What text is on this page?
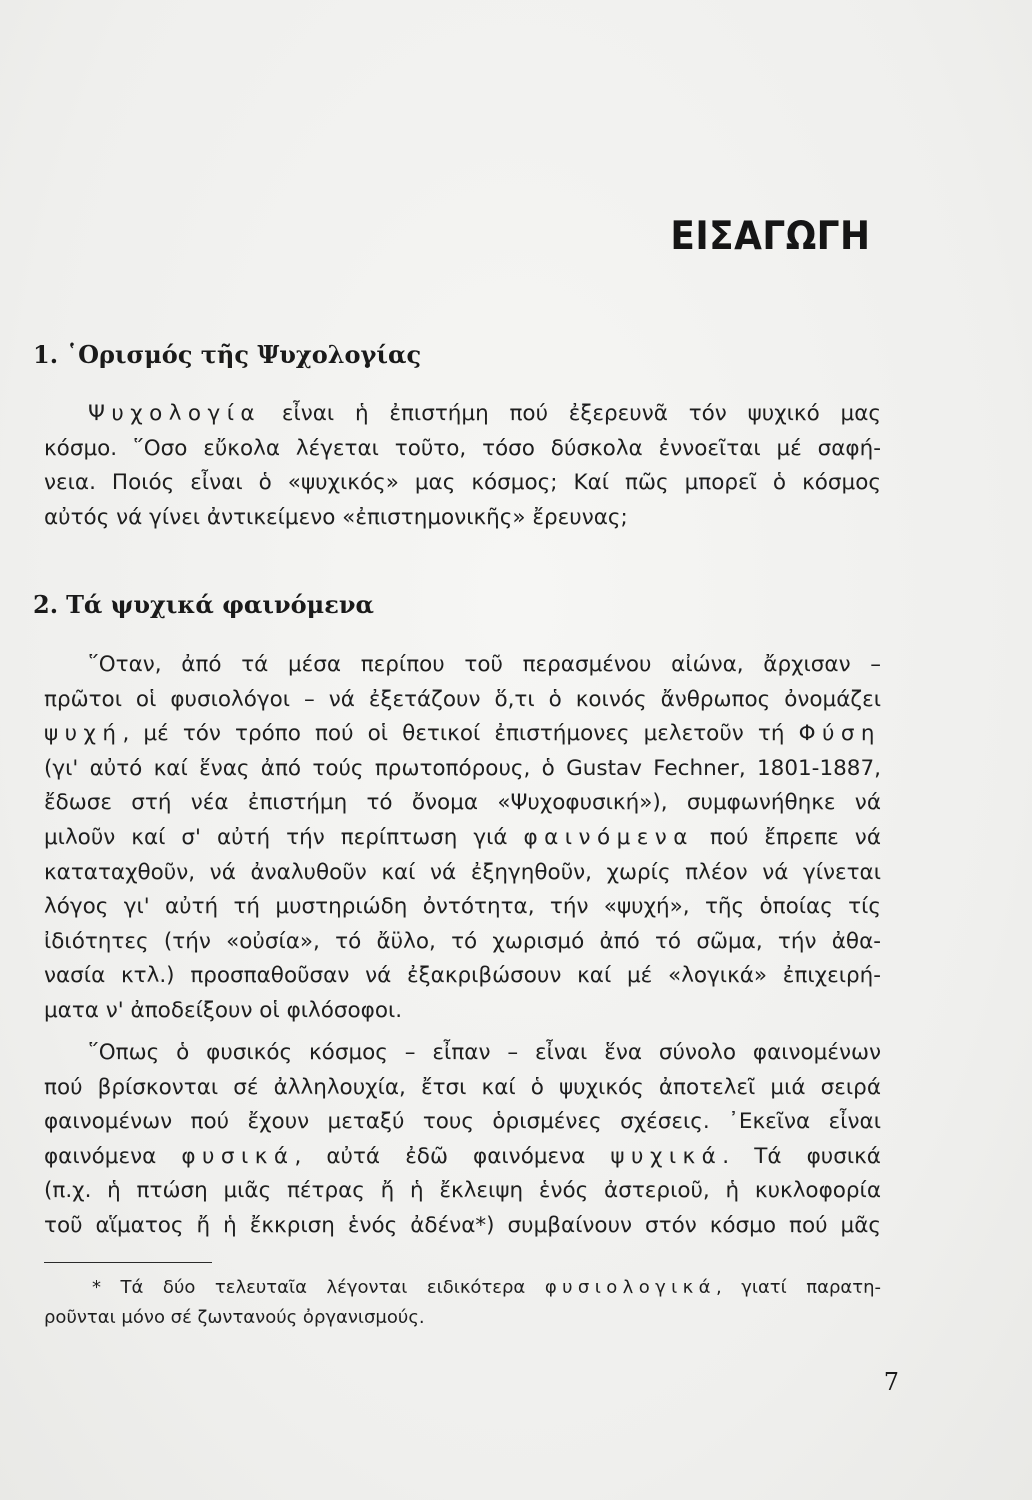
ΕΙΣΑΓΩΓΗ
1. ῾Ορισμός τῆς Ψυχολογίας
Ψυχολογία εἶναι ἡ ἐπιστήμη πού ἐξερευνᾶ τόν ψυχικό μας
κόσμο. ῞Οσο εὔκολα λέγεται τοῦτο, τόσο δύσκολα ἐννοεῖται μέ σαφή-
νεια. Ποιός εἶναι ὁ «ψυχικός» μας κόσμος; Καί πῶς μπορεῖ ὁ κόσμος
αὐτός νά γίνει ἀντικείμενο «ἐπιστημονικῆς» ἔρευνας;
2. Τά ψυχικά φαινόμενα
῞Οταν, ἀπό τά μέσα περίπου τοῦ περασμένου αἰώνα, ἄρχισαν –
πρῶτοι οἱ φυσιολόγοι – νά ἐξετάζουν ὅ,τι ὁ κοινός ἄνθρωπος ὀνομάζει
ψυχή, μέ τόν τρόπο πού οἱ θετικοί ἐπιστήμονες μελετοῦν τή Φύση
(γι' αὐτό καί ἕνας ἀπό τούς πρωτοπόρους, ὁ Gustav Fechner, 1801-1887,
ἔδωσε στή νέα ἐπιστήμη τό ὄνομα «Ψυχοφυσική»), συμφωνήθηκε νά
μιλοῦν καί σ' αὐτή τήν περίπτωση γιά φαινόμενα πού ἔπρεπε νά
καταταχθοῦν, νά ἀναλυθοῦν καί νά ἐξηγηθοῦν, χωρίς πλέον νά γίνεται
λόγος γι' αὐτή τή μυστηριώδη ὀντότητα, τήν «ψυχή», τῆς ὁποίας τίς
ἰδιότητες (τήν «οὐσία», τό ἄϋλο, τό χωρισμό ἀπό τό σῶμα, τήν ἀθα-
νασία κτλ.) προσπαθοῦσαν νά ἐξακριβώσουν καί μέ «λογικά» ἐπιχειρή-
ματα ν' ἀποδείξουν οἱ φιλόσοφοι.
῞Οπως ὁ φυσικός κόσμος – εἶπαν – εἶναι ἕνα σύνολο φαινομένων
πού βρίσκονται σέ ἀλληλουχία, ἔτσι καί ὁ ψυχικός ἀποτελεῖ μιά σειρά
φαινομένων πού ἔχουν μεταξύ τους ὁρισμένες σχέσεις. ᾽Εκεῖνα εἶναι
φαινόμενα φυσικά, αὐτά ἐδῶ φαινόμενα ψυχικά. Τά φυσικά
(π.χ. ἡ πτώση μιᾶς πέτρας ἤ ἡ ἔκλειψη ἑνός ἀστεριοῦ, ἡ κυκλοφορία
τοῦ αἵματος ἤ ἡ ἔκκριση ἑνός ἀδένα*) συμβαίνουν στόν κόσμο πού μᾶς
* Τά δύο τελευταῖα λέγονται ειδικότερα φυσιολογικά, γιατί παρατη-
ροῦνται μόνο σέ ζωντανούς ὀργανισμούς.
7
